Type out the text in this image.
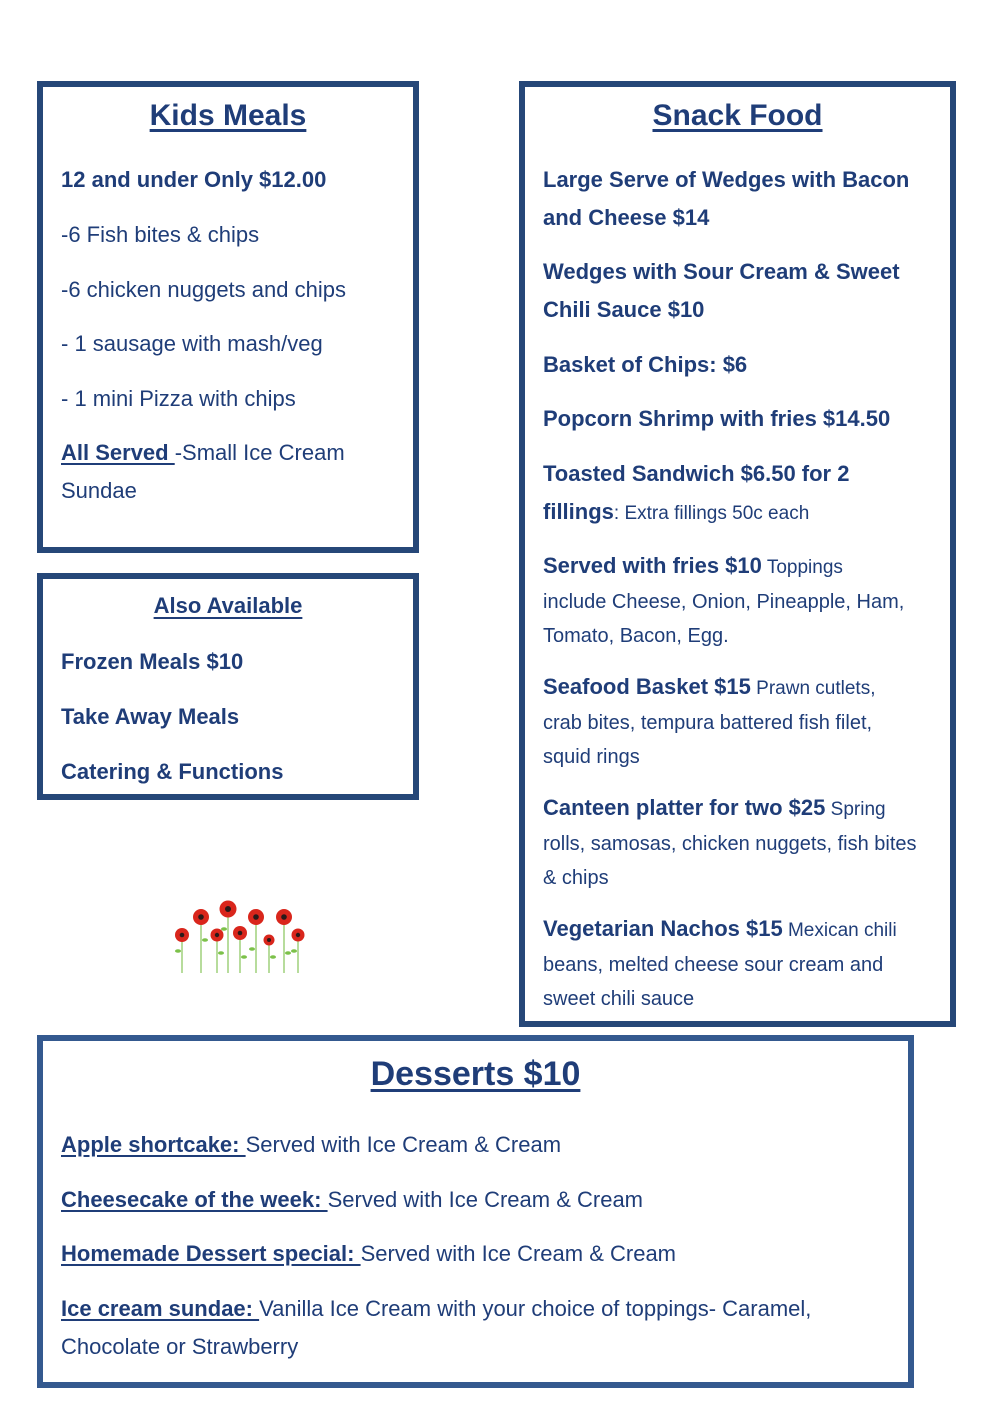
Kids Meals
12 and under Only $12.00
-6 Fish bites & chips
-6 chicken nuggets and chips
- 1 sausage with mash/veg
- 1 mini Pizza with chips
All Served -Small Ice Cream
Sundae
Also Available
Frozen Meals $10
Take Away Meals
Catering & Functions
Snack Food
Large Serve of Wedges with Bacon
and Cheese $14
Wedges with Sour Cream & Sweet
Chili Sauce $10
Basket of Chips: $6
Popcorn Shrimp with fries $14.50
Toasted Sandwich $6.50 for 2
fillings: Extra fillings 50c each
Served with fries $10 Toppings
include Cheese, Onion, Pineapple, Ham,
Tomato, Bacon, Egg.
Seafood Basket $15 Prawn cutlets,
crab bites, tempura battered fish filet,
squid rings
Canteen platter for two $25 Spring
rolls, samosas, chicken nuggets, fish bites
& chips
Vegetarian Nachos $15 Mexican chili
beans, melted cheese sour cream and
sweet chili sauce
Desserts $10
Apple shortcake: Served with Ice Cream & Cream
Cheesecake of the week: Served with Ice Cream & Cream
Homemade Dessert special: Served with Ice Cream & Cream
Ice cream sundae: Vanilla Ice Cream with your choice of toppings- Caramel,
Chocolate or Strawberry
